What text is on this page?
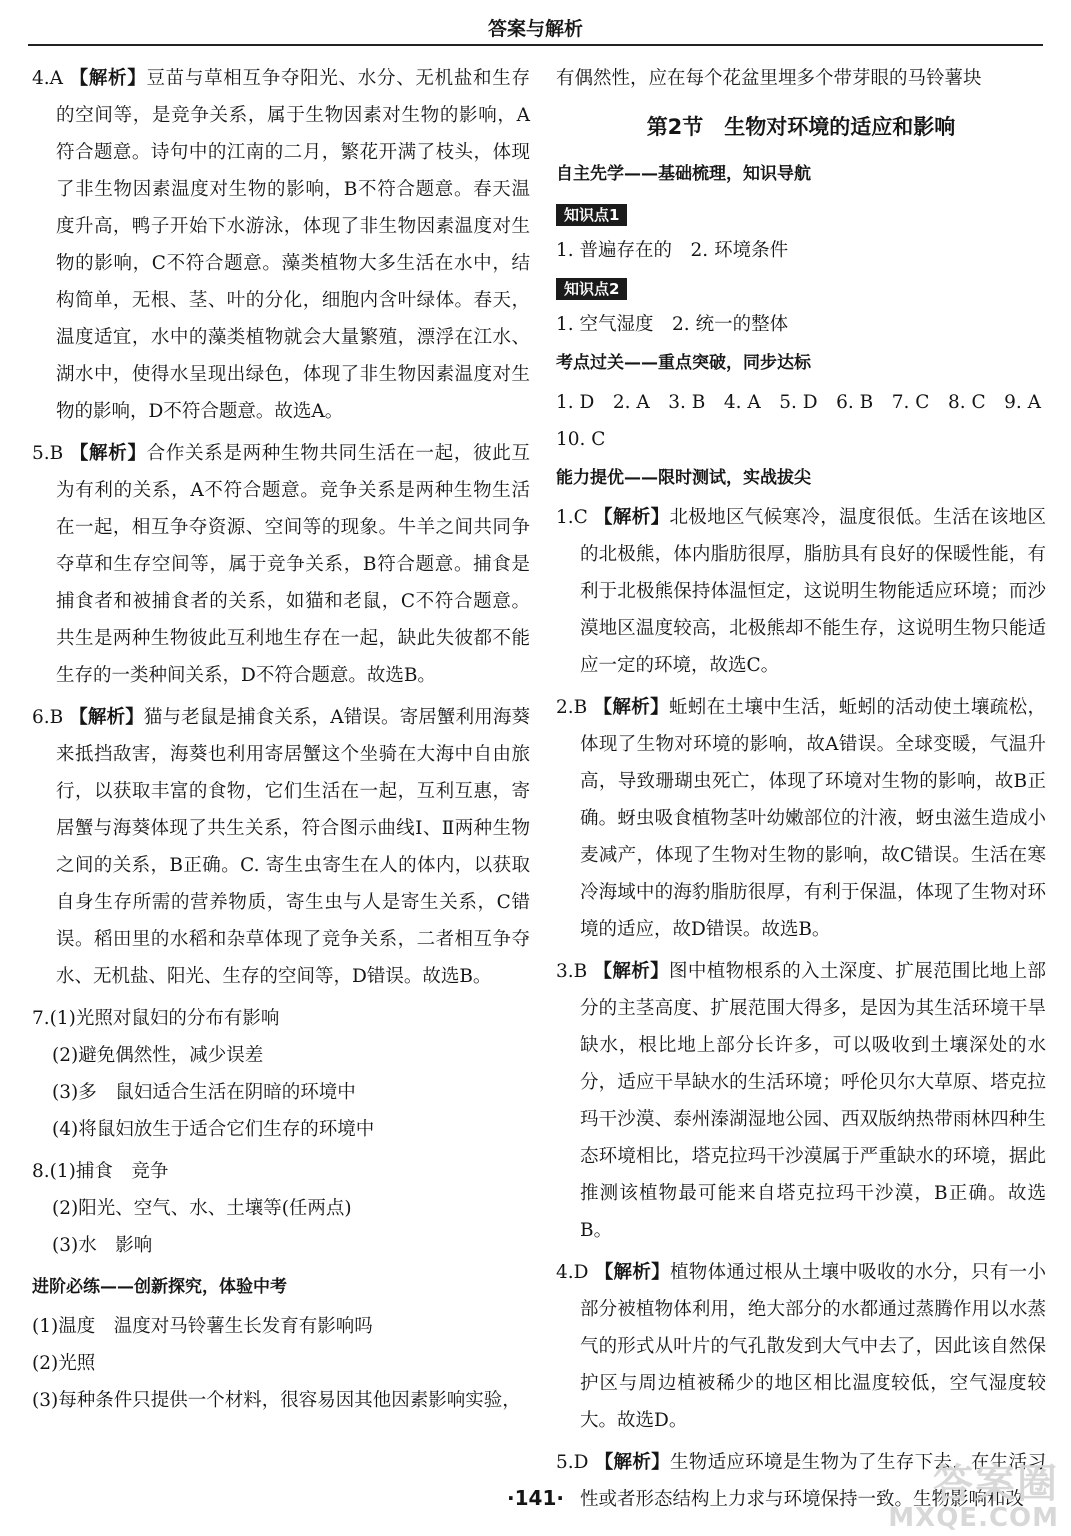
答案与解析
4.A 【解析】豆苗与草相互争夺阳光、水分、无机盐和生存的空间等，是竞争关系，属于生物因素对生物的影响，A符合题意。诗句中的江南的二月，繁花开满了枝头，体现了非生物因素温度对生物的影响，B不符合题意。春天温度升高，鸭子开始下水游泳，体现了非生物因素温度对生物的影响，C不符合题意。藻类植物大多生活在水中，结构简单，无根、茎、叶的分化，细胞内含叶绿体。春天，温度适宜，水中的藻类植物就会大量繁殖，漂浮在江水、湖水中，使得水呈现出绿色，体现了非生物因素温度对生物的影响，D不符合题意。故选A。
5.B 【解析】合作关系是两种生物共同生活在一起，彼此互为有利的关系，A不符合题意。竞争关系是两种生物生活在一起，相互争夺资源、空间等的现象。牛羊之间共同争夺草和生存空间等，属于竞争关系，B符合题意。捕食是捕食者和被捕食者的关系，如猫和老鼠，C不符合题意。共生是两种生物彼此互利地生存在一起，缺此失彼都不能生存的一类种间关系，D不符合题意。故选B。
6.B 【解析】猫与老鼠是捕食关系，A错误。寄居蟹利用海葵来抵挡敌害，海葵也利用寄居蟹这个坐骑在大海中自由旅行，以获取丰富的食物，它们生活在一起，互利互惠，寄居蟹与海葵体现了共生关系，符合图示曲线Ⅰ、Ⅱ两种生物之间的关系，B正确。C. 寄生虫寄生在人的体内，以获取自身生存所需的营养物质，寄生虫与人是寄生关系，C错误。稻田里的水稻和杂草体现了竞争关系，二者相互争夺水、无机盐、阳光、生存的空间等，D错误。故选B。
7.(1)光照对鼠妇的分布有影响
(2)避免偶然性，减少误差
(3)多　鼠妇适合生活在阴暗的环境中
(4)将鼠妇放生于适合它们生存的环境中
8.(1)捕食　竞争
(2)阳光、空气、水、土壤等(任两点)
(3)水　影响
进阶必练——创新探究，体验中考
(1)温度　温度对马铃薯生长发育有影响吗
(2)光照
(3)每种条件只提供一个材料，很容易因其他因素影响实验，
有偶然性，应在每个花盆里埋多个带芽眼的马铃薯块
第2节　生物对环境的适应和影响
自主先学——基础梳理，知识导航
知识点1
1. 普遍存在的　2. 环境条件
知识点2
1. 空气湿度　2. 统一的整体
考点过关——重点突破，同步达标
1. D　2. A　3. B　4. A　5. D　6. B　7. C　8. C　9. A
10. C
能力提优——限时测试，实战拔尖
1.C 【解析】北极地区气候寒冷，温度很低。生活在该地区的北极熊，体内脂肪很厚，脂肪具有良好的保暖性能，有利于北极熊保持体温恒定，这说明生物能适应环境；而沙漠地区温度较高，北极熊却不能生存，这说明生物只能适应一定的环境，故选C。
2.B 【解析】蚯蚓在土壤中生活，蚯蚓的活动使土壤疏松，体现了生物对环境的影响，故A错误。全球变暖，气温升高，导致珊瑚虫死亡，体现了环境对生物的影响，故B正确。蚜虫吸食植物茎叶幼嫩部位的汁液，蚜虫滋生造成小麦减产，体现了生物对生物的影响，故C错误。生活在寒冷海域中的海豹脂肪很厚，有利于保温，体现了生物对环境的适应，故D错误。故选B。
3.B 【解析】图中植物根系的入土深度、扩展范围比地上部分的主茎高度、扩展范围大得多，是因为其生活环境干旱缺水，根比地上部分长许多，可以吸收到土壤深处的水分，适应干旱缺水的生活环境；呼伦贝尔大草原、塔克拉玛干沙漠、泰州溱湖湿地公园、西双版纳热带雨林四种生态环境相比，塔克拉玛干沙漠属于严重缺水的环境，据此推测该植物最可能来自塔克拉玛干沙漠，B正确。故选B。
4.D 【解析】植物体通过根从土壤中吸收的水分，只有一小部分被植物体利用，绝大部分的水都通过蒸腾作用以水蒸气的形式从叶片的气孔散发到大气中去了，因此该自然保护区与周边植被稀少的地区相比温度较低，空气湿度较大。故选D。
5.D 【解析】生物适应环境是生物为了生存下去，在生活习性或者形态结构上力求与环境保持一致。生物影响和改
·141·	答案圈
MXQE.COM
